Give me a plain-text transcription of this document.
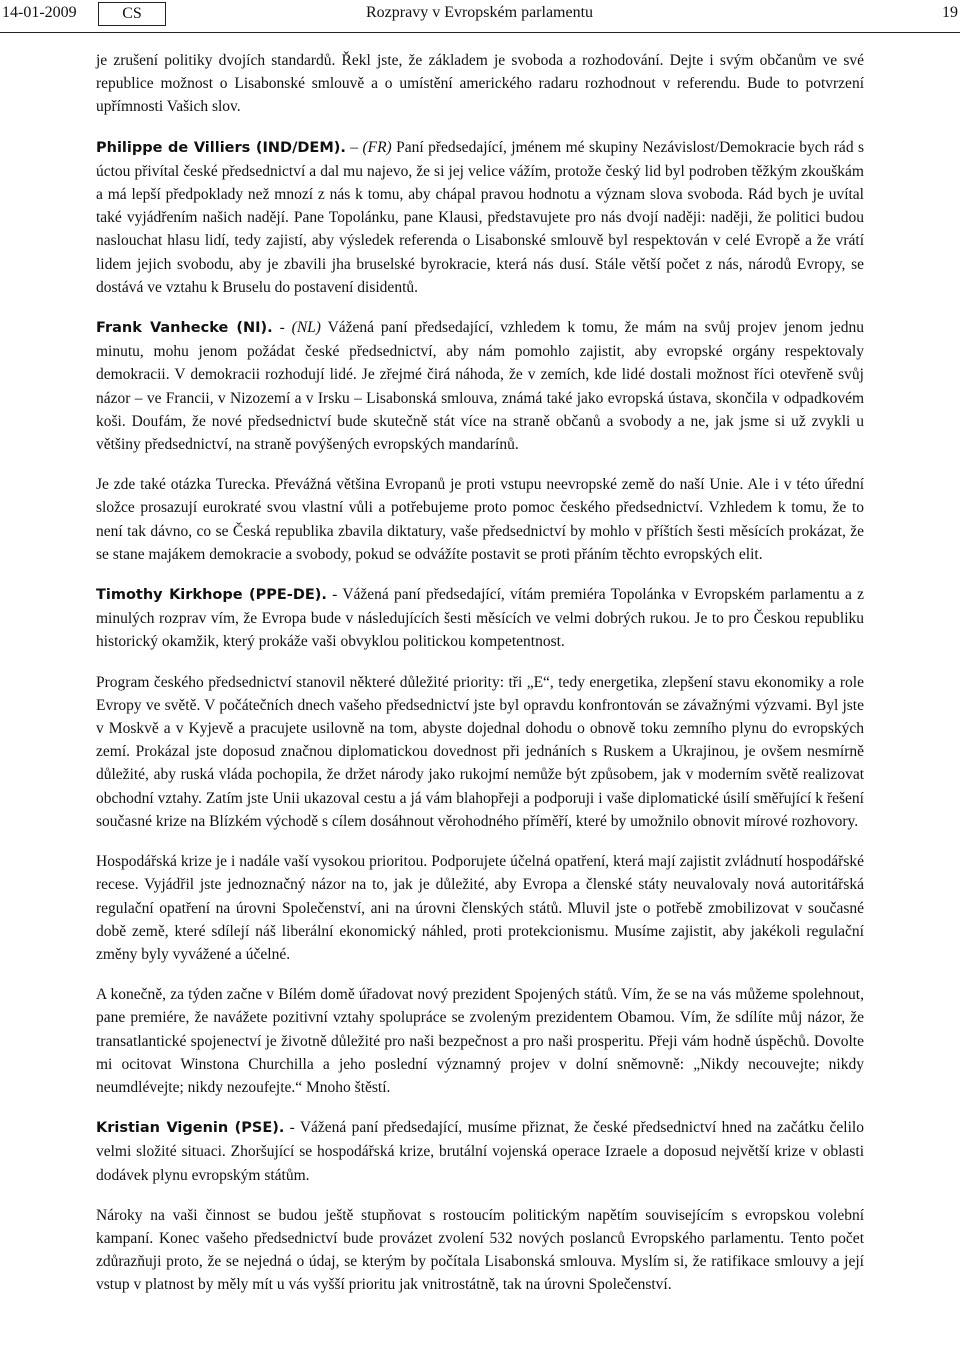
14-01-2009	CS	Rozpravy v Evropském parlamentu	19

je zrušení politiky dvojích standardů. Řekl jste, že základem je svoboda a rozhodování. Dejte i svým občanům ve své republice možnost o Lisabonské smlouvě a o umístění amerického radaru rozhodnout v referendu. Bude to potvrzení upřímnosti Vašich slov.

Philippe de Villiers (IND/DEM). – (FR) Paní předsedající, jménem mé skupiny Nezávislost/Demokracie bych rád s úctou přivítal české předsednictví a dal mu najevo, že si jej velice vážím, protože český lid byl podroben těžkým zkouškám a má lepší předpoklady než mnozí z nás k tomu, aby chápal pravou hodnotu a význam slova svoboda. Rád bych je uvítal také vyjádřením našich nadějí. Pane Topolánku, pane Klausi, představujete pro nás dvojí naději: naději, že politici budou naslouchat hlasu lidí, tedy zajistí, aby výsledek referenda o Lisabonské smlouvě byl respektován v celé Evropě a že vrátí lidem jejich svobodu, aby je zbavili jha bruselské byrokracie, která nás dusí. Stále větší počet z nás, národů Evropy, se dostává ve vztahu k Bruselu do postavení disidentů.

Frank Vanhecke (NI). - (NL) Vážená paní předsedající, vzhledem k tomu, že mám na svůj projev jenom jednu minutu, mohu jenom požádat české předsednictví, aby nám pomohlo zajistit, aby evropské orgány respektovaly demokracii. V demokracii rozhodují lidé. Je zřejmé čirá náhoda, že v zemích, kde lidé dostali možnost říci otevřeně svůj názor – ve Francii, v Nizozemí a v Irsku – Lisabonská smlouva, známá také jako evropská ústava, skončila v odpadkovém koši. Doufám, že nové předsednictví bude skutečně stát více na straně občanů a svobody a ne, jak jsme si už zvykli u většiny předsednictví, na straně povýšených evropských mandarínů.

Je zde také otázka Turecka. Převážná většina Evropanů je proti vstupu neevropské země do naší Unie. Ale i v této úřední složce prosazují eurokraté svou vlastní vůli a potřebujeme proto pomoc českého předsednictví. Vzhledem k tomu, že to není tak dávno, co se Česká republika zbavila diktatury, vaše předsednictví by mohlo v příštích šesti měsících prokázat, že se stane majákem demokracie a svobody, pokud se odvážíte postavit se proti přáním těchto evropských elit.

Timothy Kirkhope (PPE-DE). - Vážená paní předsedající, vítám premiéra Topolánka v Evropském parlamentu a z minulých rozprav vím, že Evropa bude v následujících šesti měsících ve velmi dobrých rukou. Je to pro Českou republiku historický okamžik, který prokáže vaši obvyklou politickou kompetentnost.

Program českého předsednictví stanovil některé důležité priority: tři „E“, tedy energetika, zlepšení stavu ekonomiky a role Evropy ve světě. V počátečních dnech vašeho předsednictví jste byl opravdu konfrontován se závažnými výzvami. Byl jste v Moskvě a v Kyjevě a pracujete usilovně na tom, abyste dojednal dohodu o obnově toku zemního plynu do evropských zemí. Prokázal jste doposud značnou diplomatickou dovednost při jednáních s Ruskem a Ukrajinou, je ovšem nesmírně důležité, aby ruská vláda pochopila, že držet národy jako rukojmí nemůže být způsobem, jak v moderním světě realizovat obchodní vztahy. Zatím jste Unii ukazoval cestu a já vám blahopřeji a podporuji i vaše diplomatické úsilí směřující k řešení současné krize na Blízkém východě s cílem dosáhnout věrohodného příměří, které by umožnilo obnovit mírové rozhovory.

Hospodářská krize je i nadále vaší vysokou prioritou. Podporujete účelná opatření, která mají zajistit zvládnutí hospodářské recese. Vyjádřil jste jednoznačný názor na to, jak je důležité, aby Evropa a členské státy neuvalovaly nová autoritářská regulační opatření na úrovni Společenství, ani na úrovni členských států. Mluvil jste o potřebě zmobilizovat v současné době země, které sdílejí náš liberální ekonomický náhled, proti protekcionismu. Musíme zajistit, aby jakékoli regulační změny byly vyvážené a účelné.

A konečně, za týden začne v Bílém domě úřadovat nový prezident Spojených států. Vím, že se na vás můžeme spolehnout, pane premiére, že navážete pozitivní vztahy spolupráce se zvoleným prezidentem Obamou. Vím, že sdílíte můj názor, že transatlantické spojenectví je životně důležité pro naši bezpečnost a pro naši prosperitu. Přeji vám hodně úspěchů. Dovolte mi ocitovat Winstona Churchilla a jeho poslední významný projev v dolní sněmovně: „Nikdy necouvejte; nikdy neumdlévejte; nikdy nezoufejte.“ Mnoho štěstí.

Kristian Vigenin (PSE). - Vážená paní předsedající, musíme přiznat, že české předsednictví hned na začátku čelilo velmi složité situaci. Zhoršující se hospodářská krize, brutální vojenská operace Izraele a doposud největší krize v oblasti dodávek plynu evropským státům.

Nároky na vaši činnost se budou ještě stupňovat s rostoucím politickým napětím souvisejícím s evropskou volební kampaní. Konec vašeho předsednictví bude provázet zvolení 532 nových poslanců Evropského parlamentu. Tento počet zdůrazňuji proto, že se nejedná o údaj, se kterým by počítala Lisabonská smlouva. Myslím si, že ratifikace smlouvy a její vstup v platnost by měly mít u vás vyšší prioritu jak vnitrostátně, tak na úrovni Společenství.
